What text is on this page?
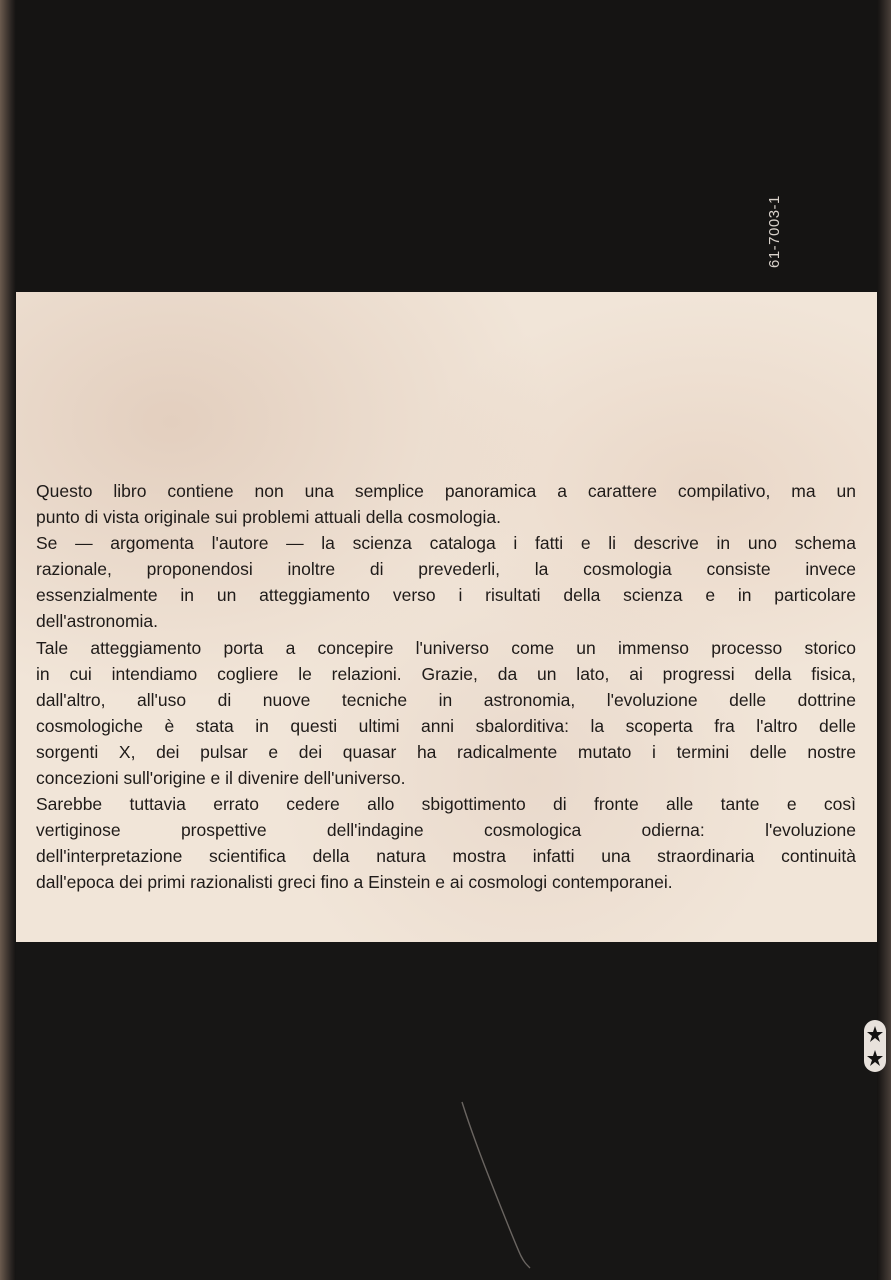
61-7003-1

Questo libro contiene non una semplice panoramica a carattere compilativo, ma un
punto di vista originale sui problemi attuali della cosmologia.
Se — argomenta l'autore — la scienza cataloga i fatti e li descrive in uno schema
razionale, proponendosi inoltre di prevederli, la cosmologia consiste invece
essenzialmente in un atteggiamento verso i risultati della scienza e in particolare
dell'astronomia.
Tale atteggiamento porta a concepire l'universo come un immenso processo storico
in cui intendiamo cogliere le relazioni. Grazie, da un lato, ai progressi della fisica,
dall'altro, all'uso di nuove tecniche in astronomia, l'evoluzione delle dottrine
cosmologiche è stata in questi ultimi anni sbalorditiva: la scoperta fra l'altro delle
sorgenti X, dei pulsar e dei quasar ha radicalmente mutato i termini delle nostre
concezioni sull'origine e il divenire dell'universo.
Sarebbe tuttavia errato cedere allo sbigottimento di fronte alle tante e così
vertiginose prospettive dell'indagine cosmologica odierna: l'evoluzione
dell'interpretazione scientifica della natura mostra infatti una straordinaria continuità
dall'epoca dei primi razionalisti greci fino a Einstein e ai cosmologi contemporanei.
